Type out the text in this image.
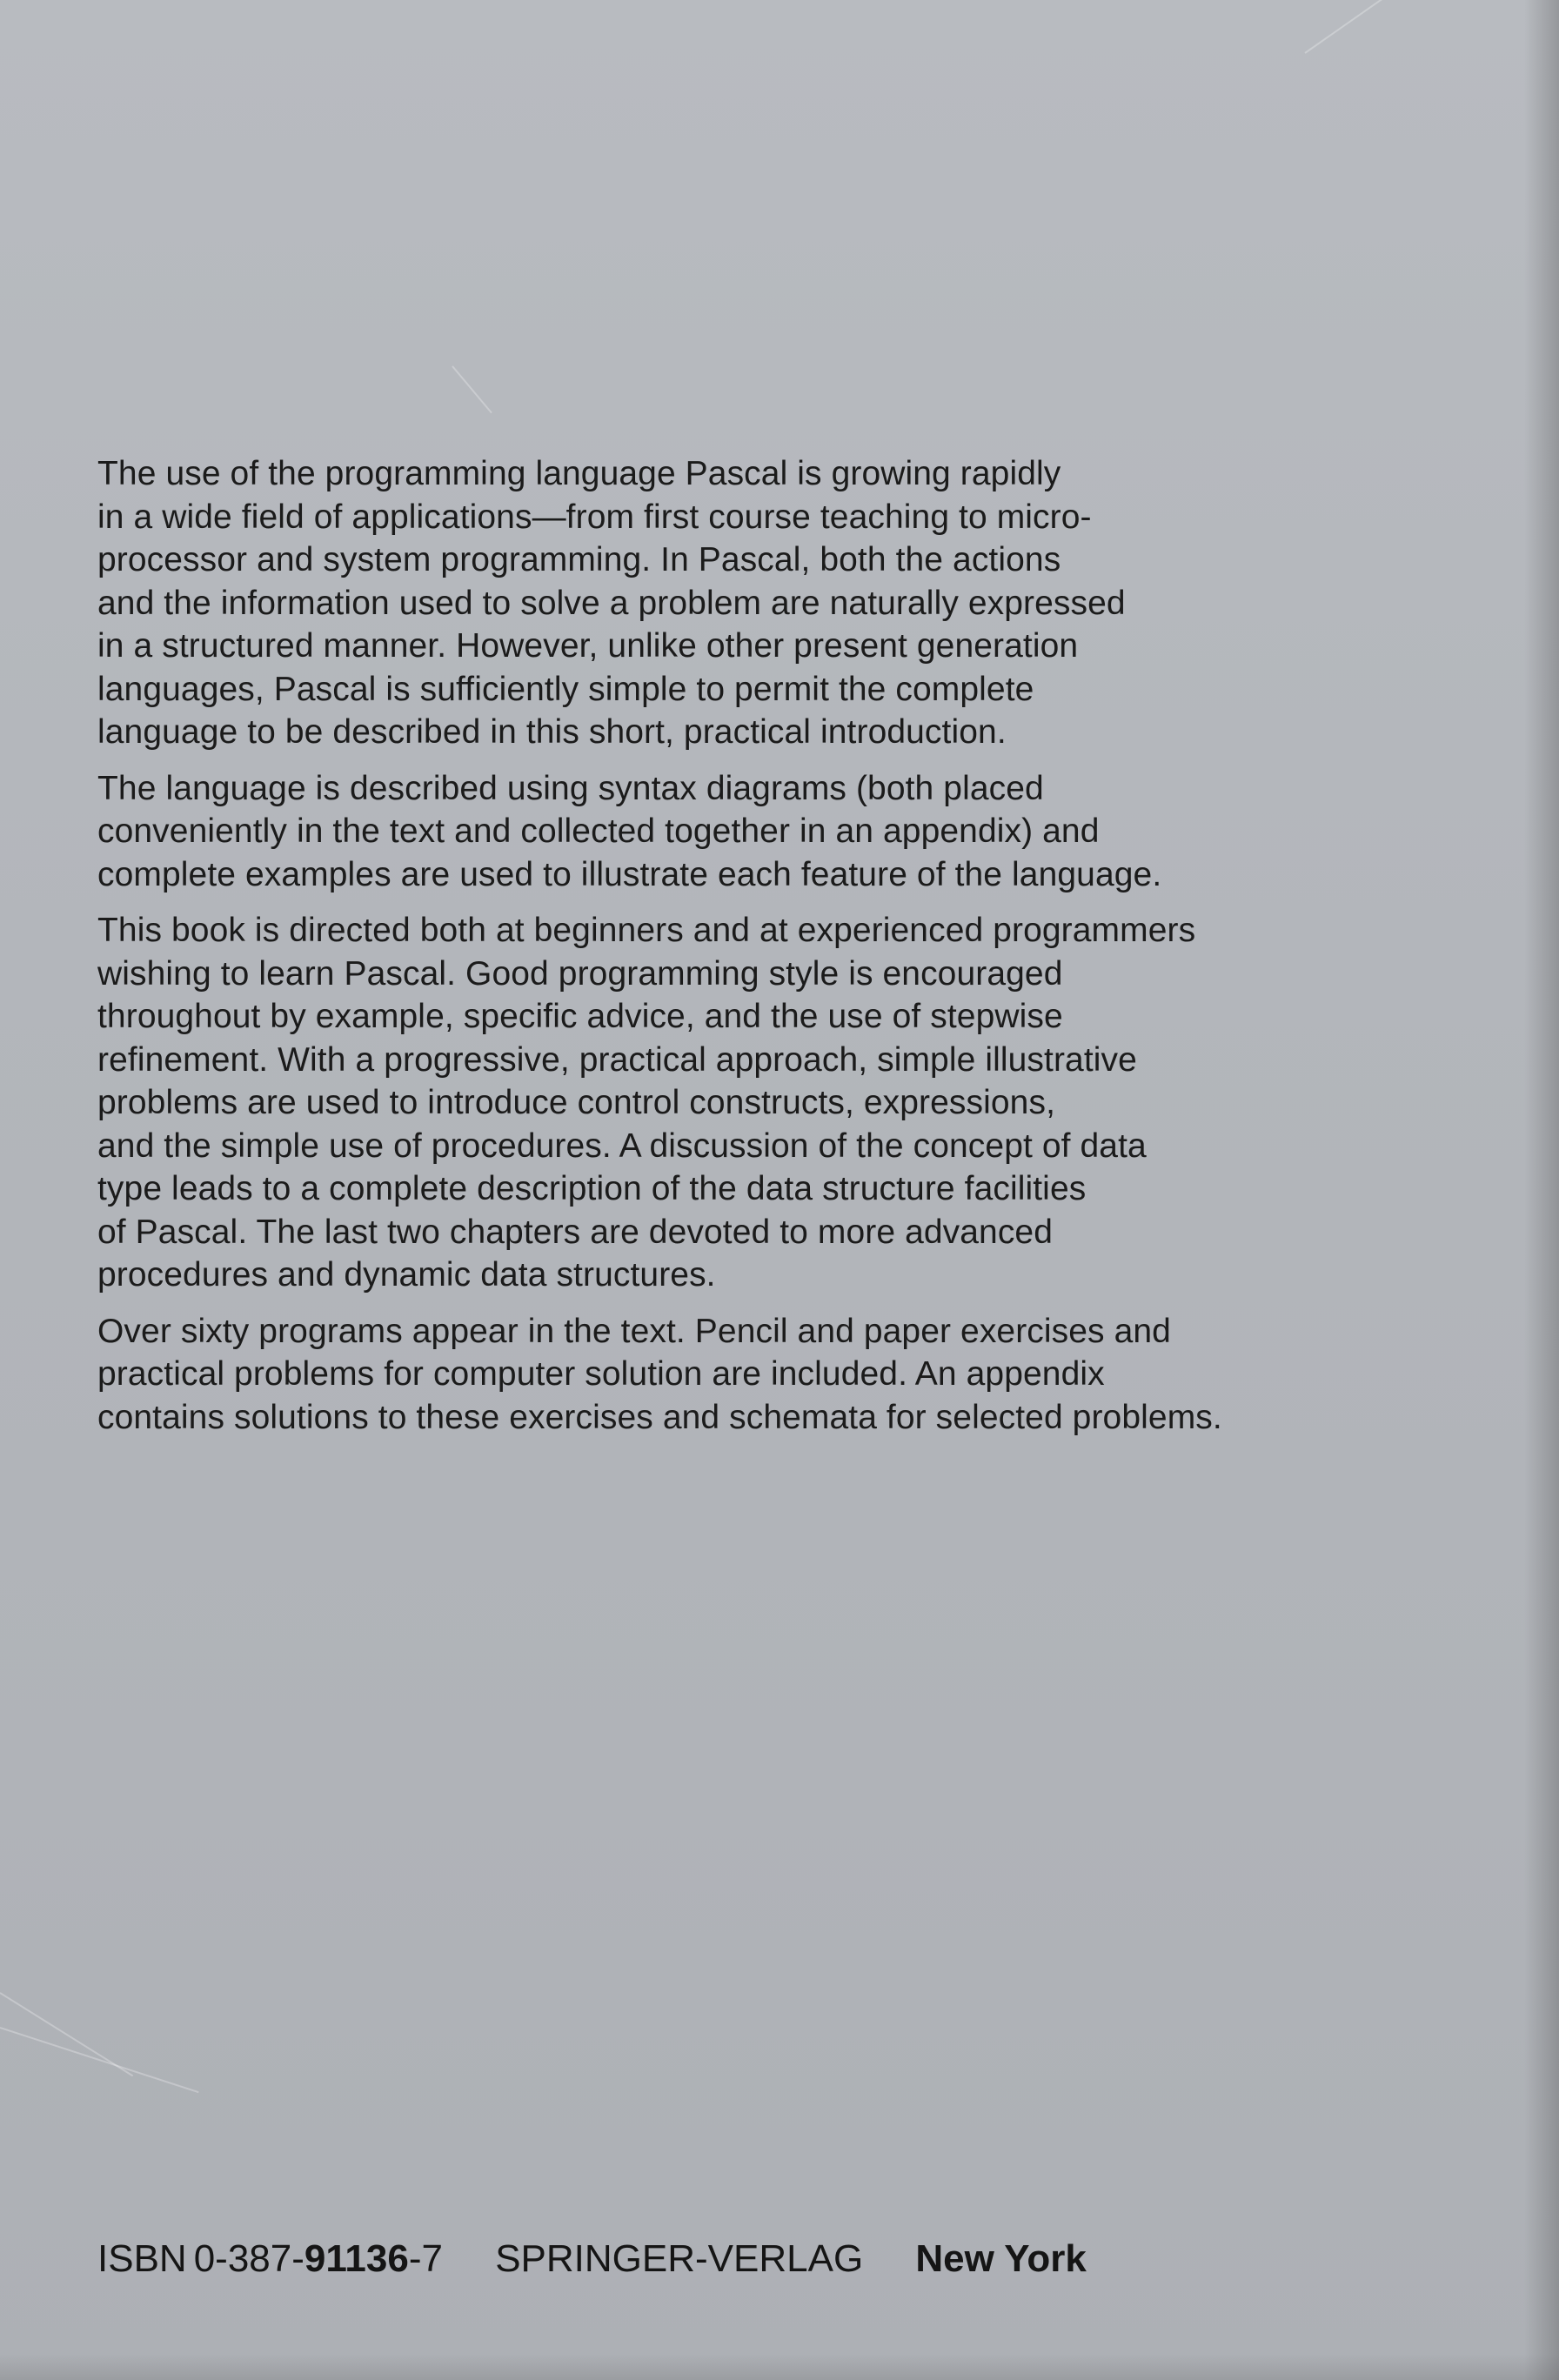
The use of the programming language Pascal is growing rapidly
in a wide field of applications—from first course teaching to micro-
processor and system programming. In Pascal, both the actions
and the information used to solve a problem are naturally expressed
in a structured manner. However, unlike other present generation
languages, Pascal is sufficiently simple to permit the complete
language to be described in this short, practical introduction.

The language is described using syntax diagrams (both placed
conveniently in the text and collected together in an appendix) and
complete examples are used to illustrate each feature of the language.

This book is directed both at beginners and at experienced programmers
wishing to learn Pascal. Good programming style is encouraged
throughout by example, specific advice, and the use of stepwise
refinement. With a progressive, practical approach, simple illustrative
problems are used to introduce control constructs, expressions,
and the simple use of procedures. A discussion of the concept of data
type leads to a complete description of the data structure facilities
of Pascal. The last two chapters are devoted to more advanced
procedures and dynamic data structures.

Over sixty programs appear in the text. Pencil and paper exercises and
practical problems for computer solution are included. An appendix
contains solutions to these exercises and schemata for selected problems.

ISBN 0-387-91136-7 SPRINGER-VERLAG New York
